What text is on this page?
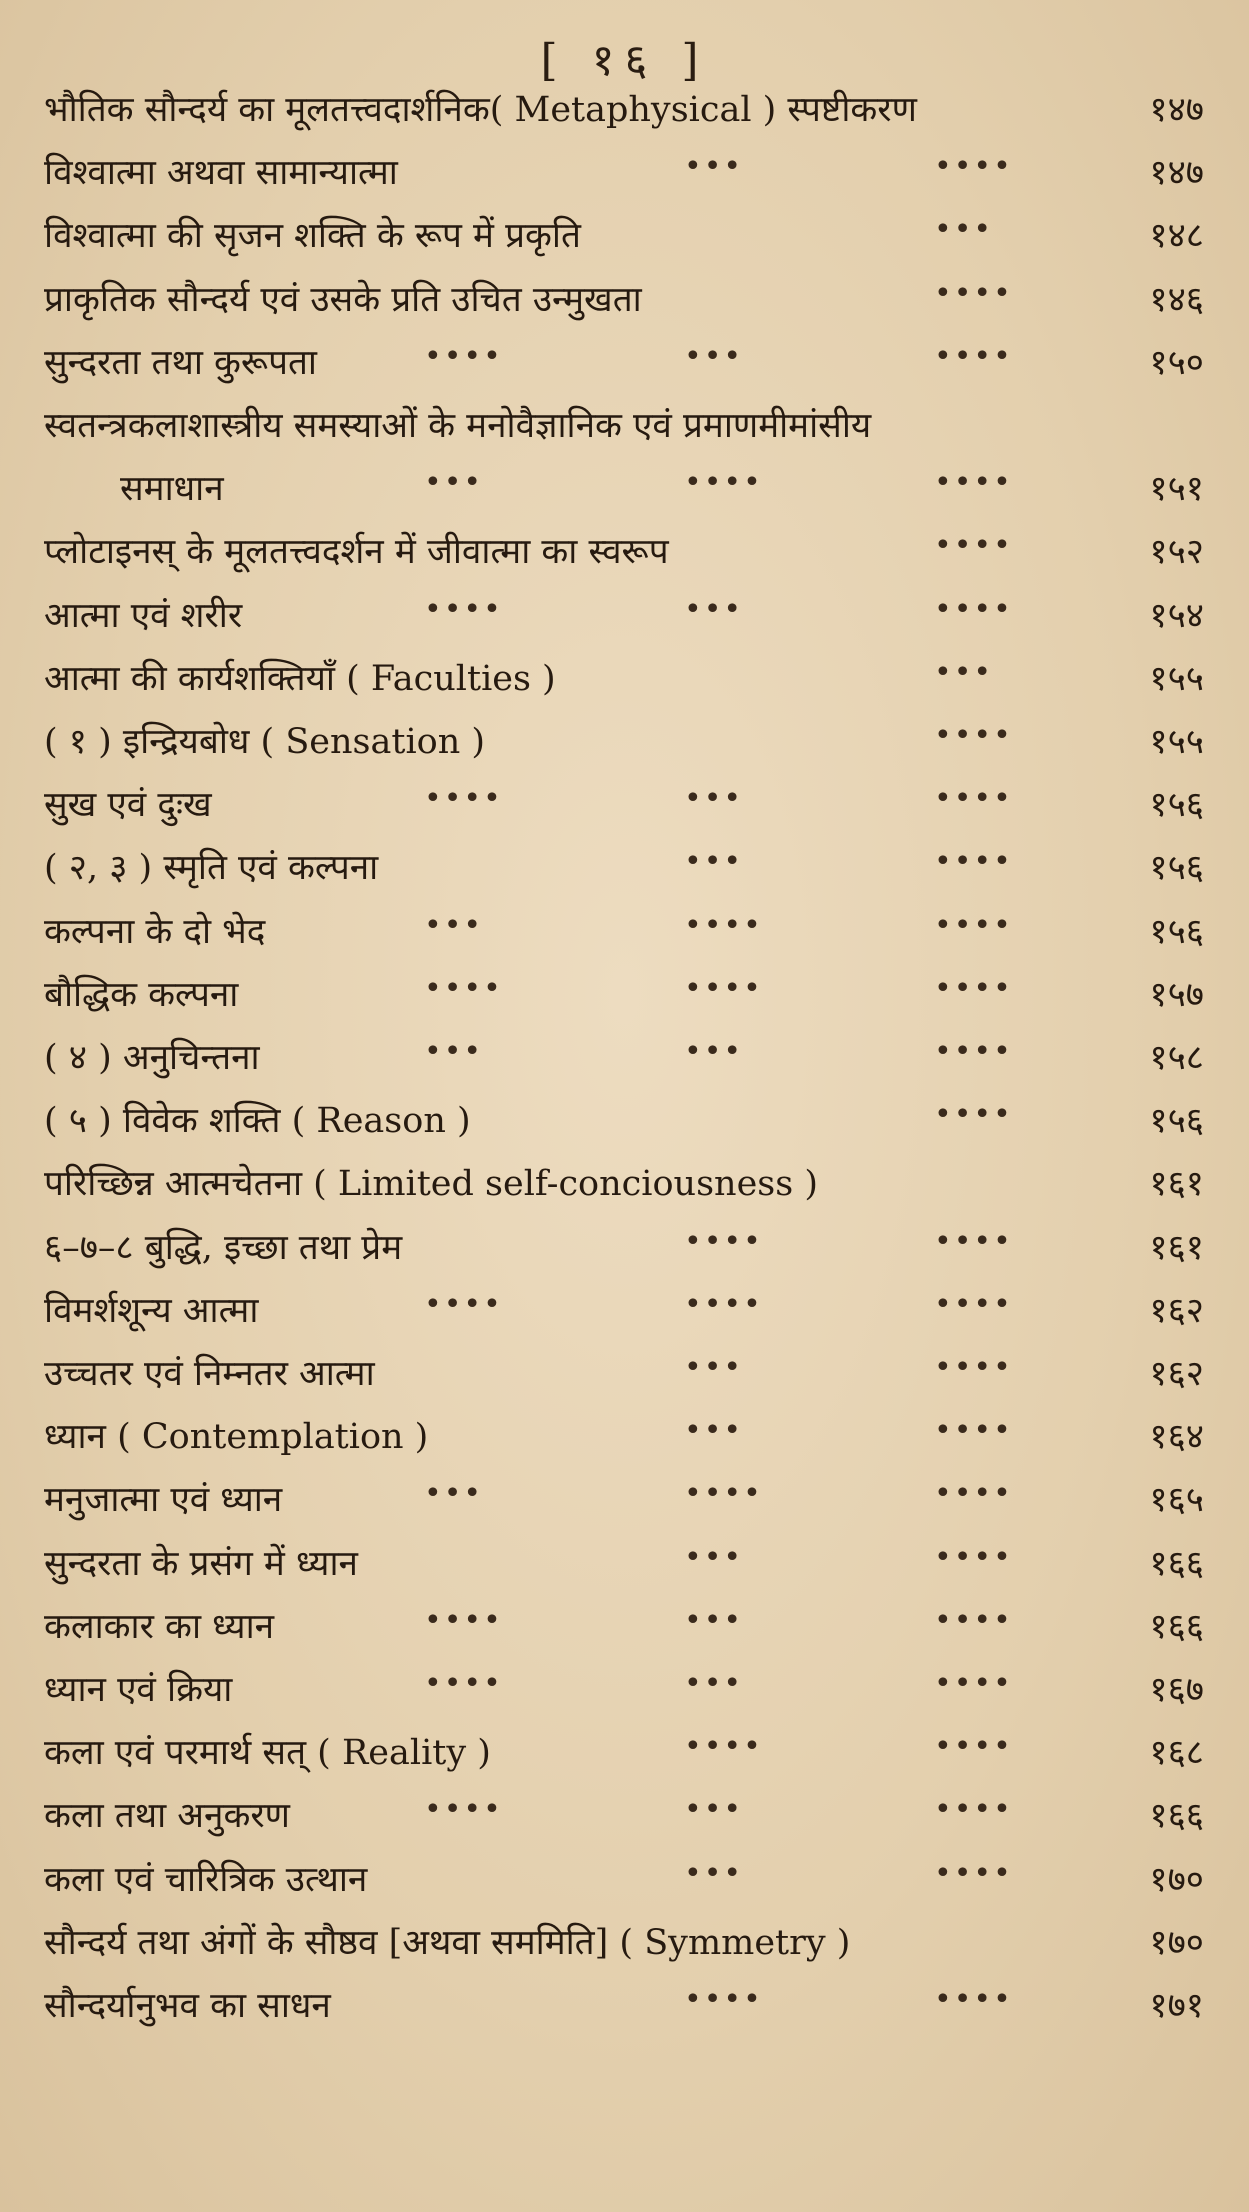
[ १६ ]
भौतिक सौन्दर्य का मूलतत्त्वदार्शनिक( Metaphysical ) स्पष्टीकरण	१४७
विश्वात्मा अथवा सामान्यात्मा	•••	••••	१४७
विश्वात्मा की सृजन शक्ति के रूप में प्रकृति	•••	१४८
प्राकृतिक सौन्दर्य एवं उसके प्रति उचित उन्मुखता	••••	१४६
सुन्दरता तथा कुरूपता	••••	•••	••••	१५०
स्वतन्त्रकलाशास्त्रीय समस्याओं के मनोवैज्ञानिक एवं प्रमाणमीमांसीय
समाधान	•••	••••	••••	१५१
प्लोटाइनस् के मूलतत्त्वदर्शन में जीवात्मा का स्वरूप	••••	१५२
आत्मा एवं शरीर	••••	•••	••••	१५४
आत्मा की कार्यशक्तियाँ ( Faculties )	•••	१५५
( १ ) इन्द्रियबोध ( Sensation )	••••	१५५
सुख एवं दुःख	••••	•••	••••	१५६
( २, ३ ) स्मृति एवं कल्पना	•••	••••	१५६
कल्पना के दो भेद	•••	••••	••••	१५६
बौद्धिक कल्पना	••••	••••	••••	१५७
( ४ ) अनुचिन्तना	•••	•••	••••	१५८
( ५ ) विवेक शक्ति ( Reason )	••••	१५६
परिच्छिन्न आत्मचेतना ( Limited self-conciousness )	१६१
६–७–८ बुद्धि, इच्छा तथा प्रेम	••••	••••	१६१
विमर्शशून्य आत्मा	••••	••••	••••	१६२
उच्चतर एवं निम्नतर आत्मा	•••	••••	१६२
ध्यान ( Contemplation )	•••	••••	१६४
मनुजात्मा एवं ध्यान	•••	••••	••••	१६५
सुन्दरता के प्रसंग में ध्यान	•••	••••	१६६
कलाकार का ध्यान	••••	•••	••••	१६६
ध्यान एवं क्रिया	••••	•••	••••	१६७
कला एवं परमार्थ सत् ( Reality )	••••	••••	१६८
कला तथा अनुकरण	••••	•••	••••	१६६
कला एवं चारित्रिक उत्थान	•••	••••	१७०
सौन्दर्य तथा अंगों के सौष्ठव [अथवा सममिति] ( Symmetry )	१७०
सौन्दर्यानुभव का साधन	••••	••••	१७१
